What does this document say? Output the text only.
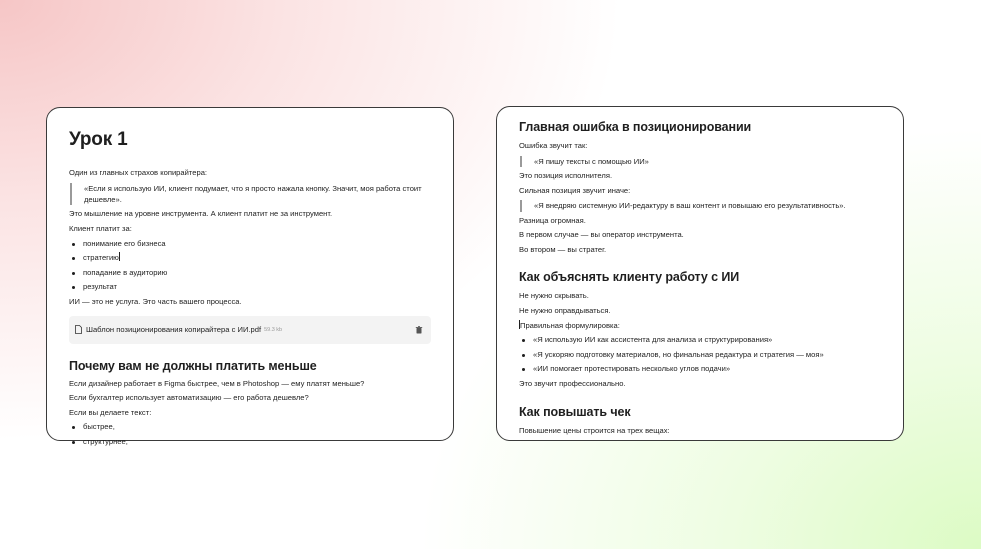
Урок 1

Один из главных страхов копирайтера:

«Если я использую ИИ, клиент подумает, что я просто нажала кнопку. Значит, моя работа стоит дешевле».

Это мышление на уровне инструмента. А клиент платит не за инструмент.

Клиент платит за:

понимание его бизнеса
стратегию
попадание в аудиторию
результат

ИИ — это не услуга. Это часть вашего процесса.

Шаблон позиционирования копирайтера с ИИ.pdf 59.3 kb
Почему вам не должны платить меньше

Если дизайнер работает в Figma быстрее, чем в Photoshop — ему платят меньше?

Если бухгалтер использует автоматизацию — его работа дешевле?

Если вы делаете текст:

быстрее,
структурнее,
Главная ошибка в позиционировании

Ошибка звучит так:

«Я пишу тексты с помощью ИИ»

Это позиция исполнителя.

Сильная позиция звучит иначе:

«Я внедряю системную ИИ-редактуру в ваш контент и повышаю его результативность».

Разница огромная.

В первом случае — вы оператор инструмента.

Во втором — вы стратег.

Как объяснять клиенту работу с ИИ

Не нужно скрывать.

Не нужно оправдываться.

Правильная формулировка:

«Я использую ИИ как ассистента для анализа и структурирования»
«Я ускоряю подготовку материалов, но финальная редактура и стратегия — моя»
«ИИ помогает протестировать несколько углов подачи»

Это звучит профессионально.

Как повышать чек

Повышение цены строится на трех вещах:
